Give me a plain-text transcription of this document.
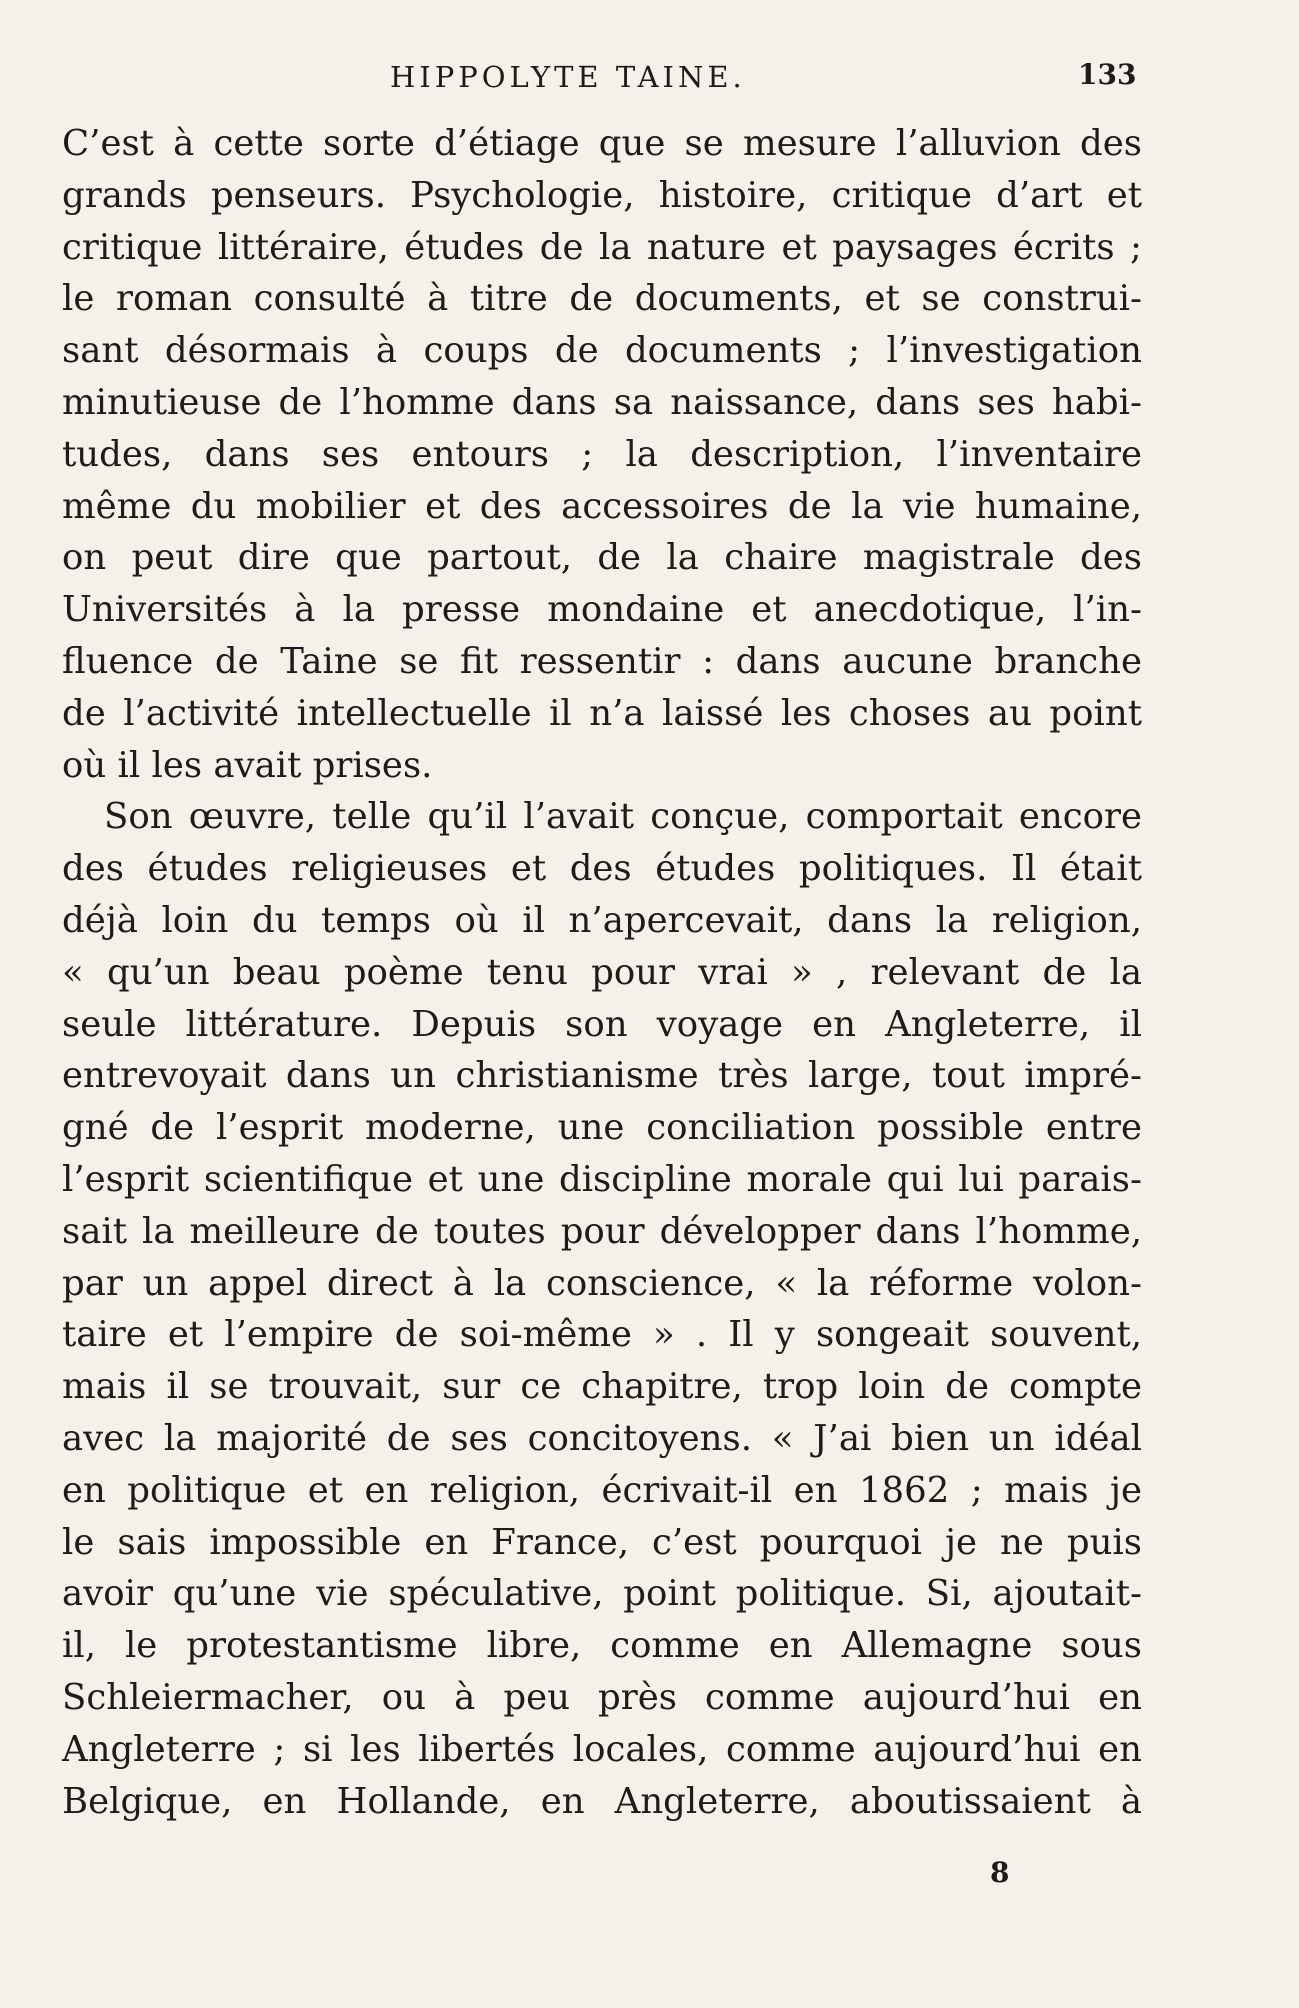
HIPPOLYTE TAINE.	133
C’est à cette sorte d’étiage que se mesure l’alluvion des
grands penseurs. Psychologie, histoire, critique d’art et
critique littéraire, études de la nature et paysages écrits ;
le roman consulté à titre de documents, et se construi-
sant désormais à coups de documents ; l’investigation
minutieuse de l’homme dans sa naissance, dans ses habi-
tudes, dans ses entours ; la description, l’inventaire
même du mobilier et des accessoires de la vie humaine,
on peut dire que partout, de la chaire magistrale des
Universités à la presse mondaine et anecdotique, l’in-
fluence de Taine se fit ressentir : dans aucune branche
de l’activité intellectuelle il n’a laissé les choses au point
où il les avait prises.
Son œuvre, telle qu’il l’avait conçue, comportait encore
des études religieuses et des études politiques. Il était
déjà loin du temps où il n’apercevait, dans la religion,
« qu’un beau poème tenu pour vrai » , relevant de la
seule littérature. Depuis son voyage en Angleterre, il
entrevoyait dans un christianisme très large, tout impré-
gné de l’esprit moderne, une conciliation possible entre
l’esprit scientifique et une discipline morale qui lui parais-
sait la meilleure de toutes pour développer dans l’homme,
par un appel direct à la conscience, « la réforme volon-
taire et l’empire de soi-même » . Il y songeait souvent,
mais il se trouvait, sur ce chapitre, trop loin de compte
avec la majorité de ses concitoyens. « J’ai bien un idéal
en politique et en religion, écrivait-il en 1862 ; mais je
le sais impossible en France, c’est pourquoi je ne puis
avoir qu’une vie spéculative, point politique. Si, ajoutait-
il, le protestantisme libre, comme en Allemagne sous
Schleiermacher, ou à peu près comme aujourd’hui en
Angleterre ; si les libertés locales, comme aujourd’hui en
Belgique, en Hollande, en Angleterre, aboutissaient à
8
